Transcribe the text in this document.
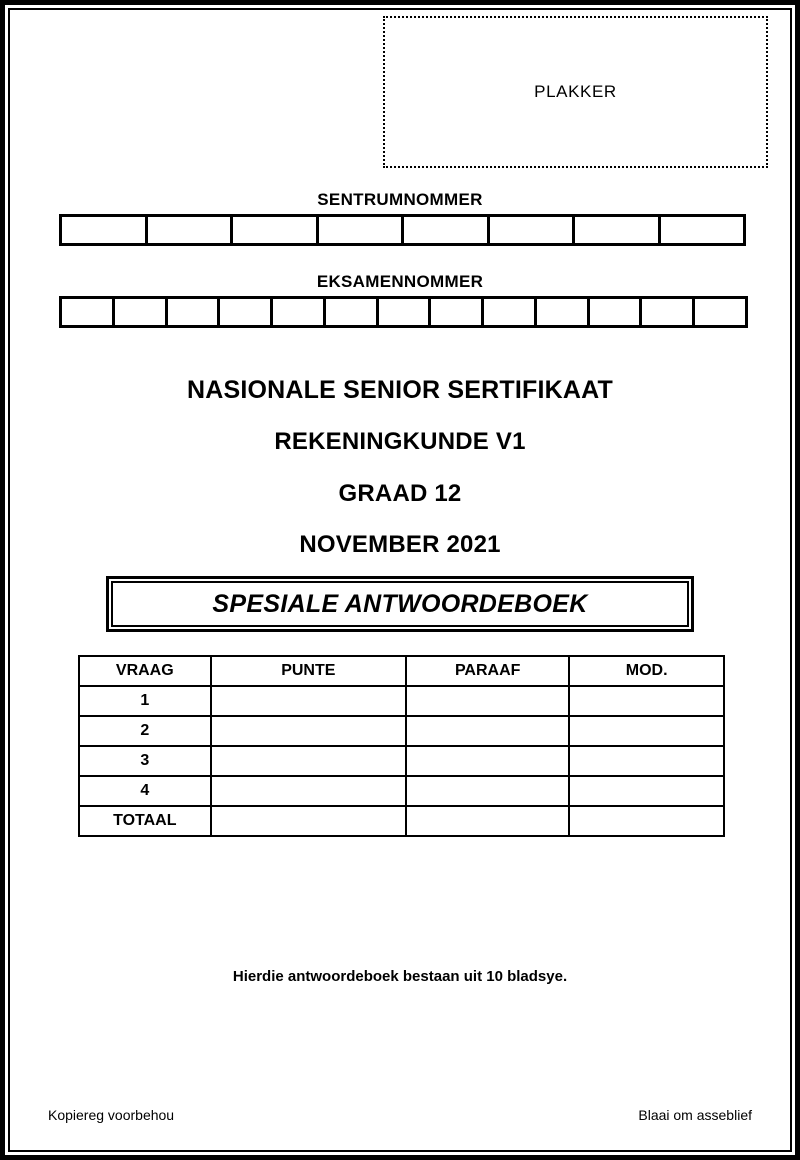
PLAKKER
SENTRUMNOMMER
EKSAMENNOMMER
NASIONALE SENIOR SERTIFIKAAT
REKENINGKUNDE V1
GRAAD 12
NOVEMBER 2021
SPESIALE ANTWOORDEBOEK
VRAAG	PUNTE	PARAAF	MOD.
1			
2			
3			
4			
TOTAAL			
Hierdie antwoordeboek bestaan uit 10 bladsye.
Kopiereg voorbehou	Blaai om asseblief
